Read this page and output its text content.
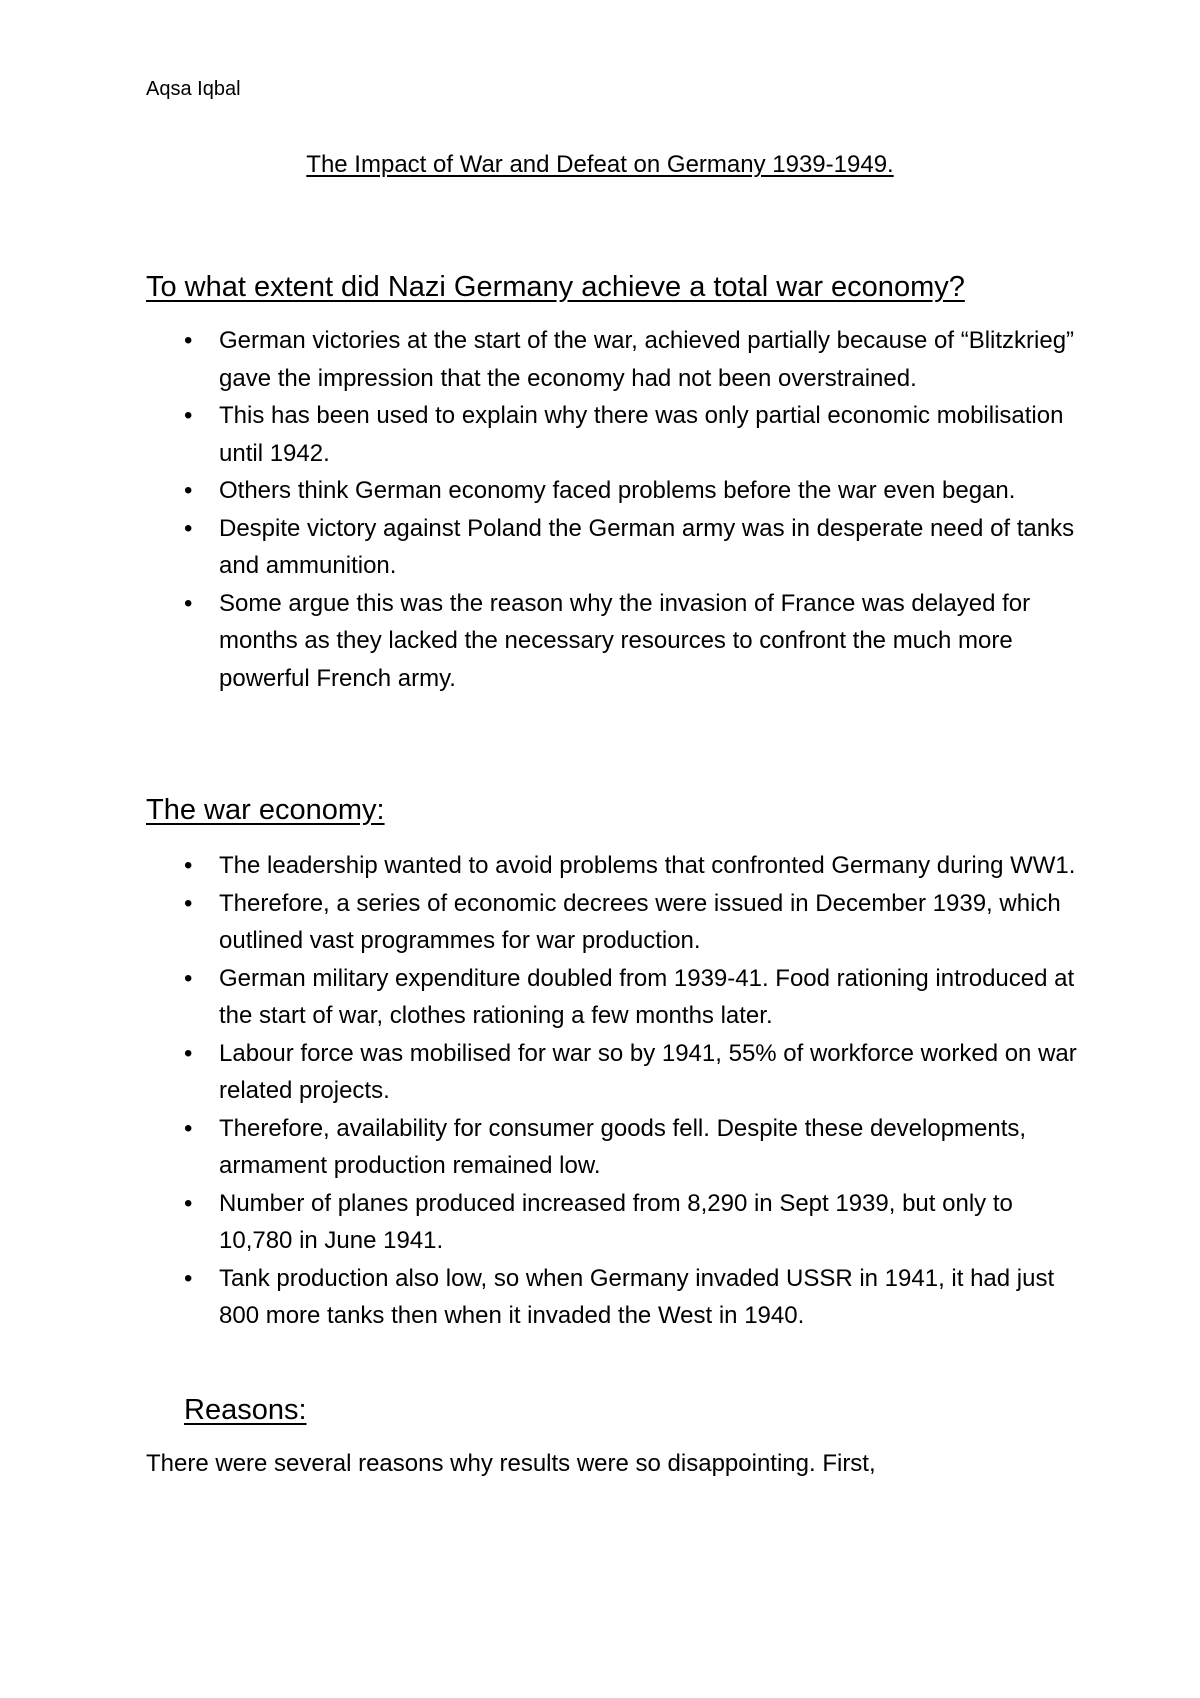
Aqsa Iqbal
The Impact of War and Defeat on Germany 1939-1949.
To what extent did Nazi Germany achieve a total war economy?
•	German victories at the start of the war, achieved partially because of “Blitzkrieg” gave the impression that the economy had not been overstrained.
•	This has been used to explain why there was only partial economic mobilisation until 1942.
•	Others think German economy faced problems before the war even began.
•	Despite victory against Poland the German army was in desperate need of tanks and ammunition.
•	Some argue this was the reason why the invasion of France was delayed for months as they lacked the necessary resources to confront the much more powerful French army.
The war economy:
•	The leadership wanted to avoid problems that confronted Germany during WW1.
•	Therefore, a series of economic decrees were issued in December 1939, which outlined vast programmes for war production.
•	German military expenditure doubled from 1939-41. Food rationing introduced at the start of war, clothes rationing a few months later.
•	Labour force was mobilised for war so by 1941, 55% of workforce worked on war related projects.
•	Therefore, availability for consumer goods fell. Despite these developments, armament production remained low.
•	Number of planes produced increased from 8,290 in Sept 1939, but only to 10,780 in June 1941.
•	Tank production also low, so when Germany invaded USSR in 1941, it had just 800 more tanks then when it invaded the West in 1940.
Reasons:
There were several reasons why results were so disappointing. First,
